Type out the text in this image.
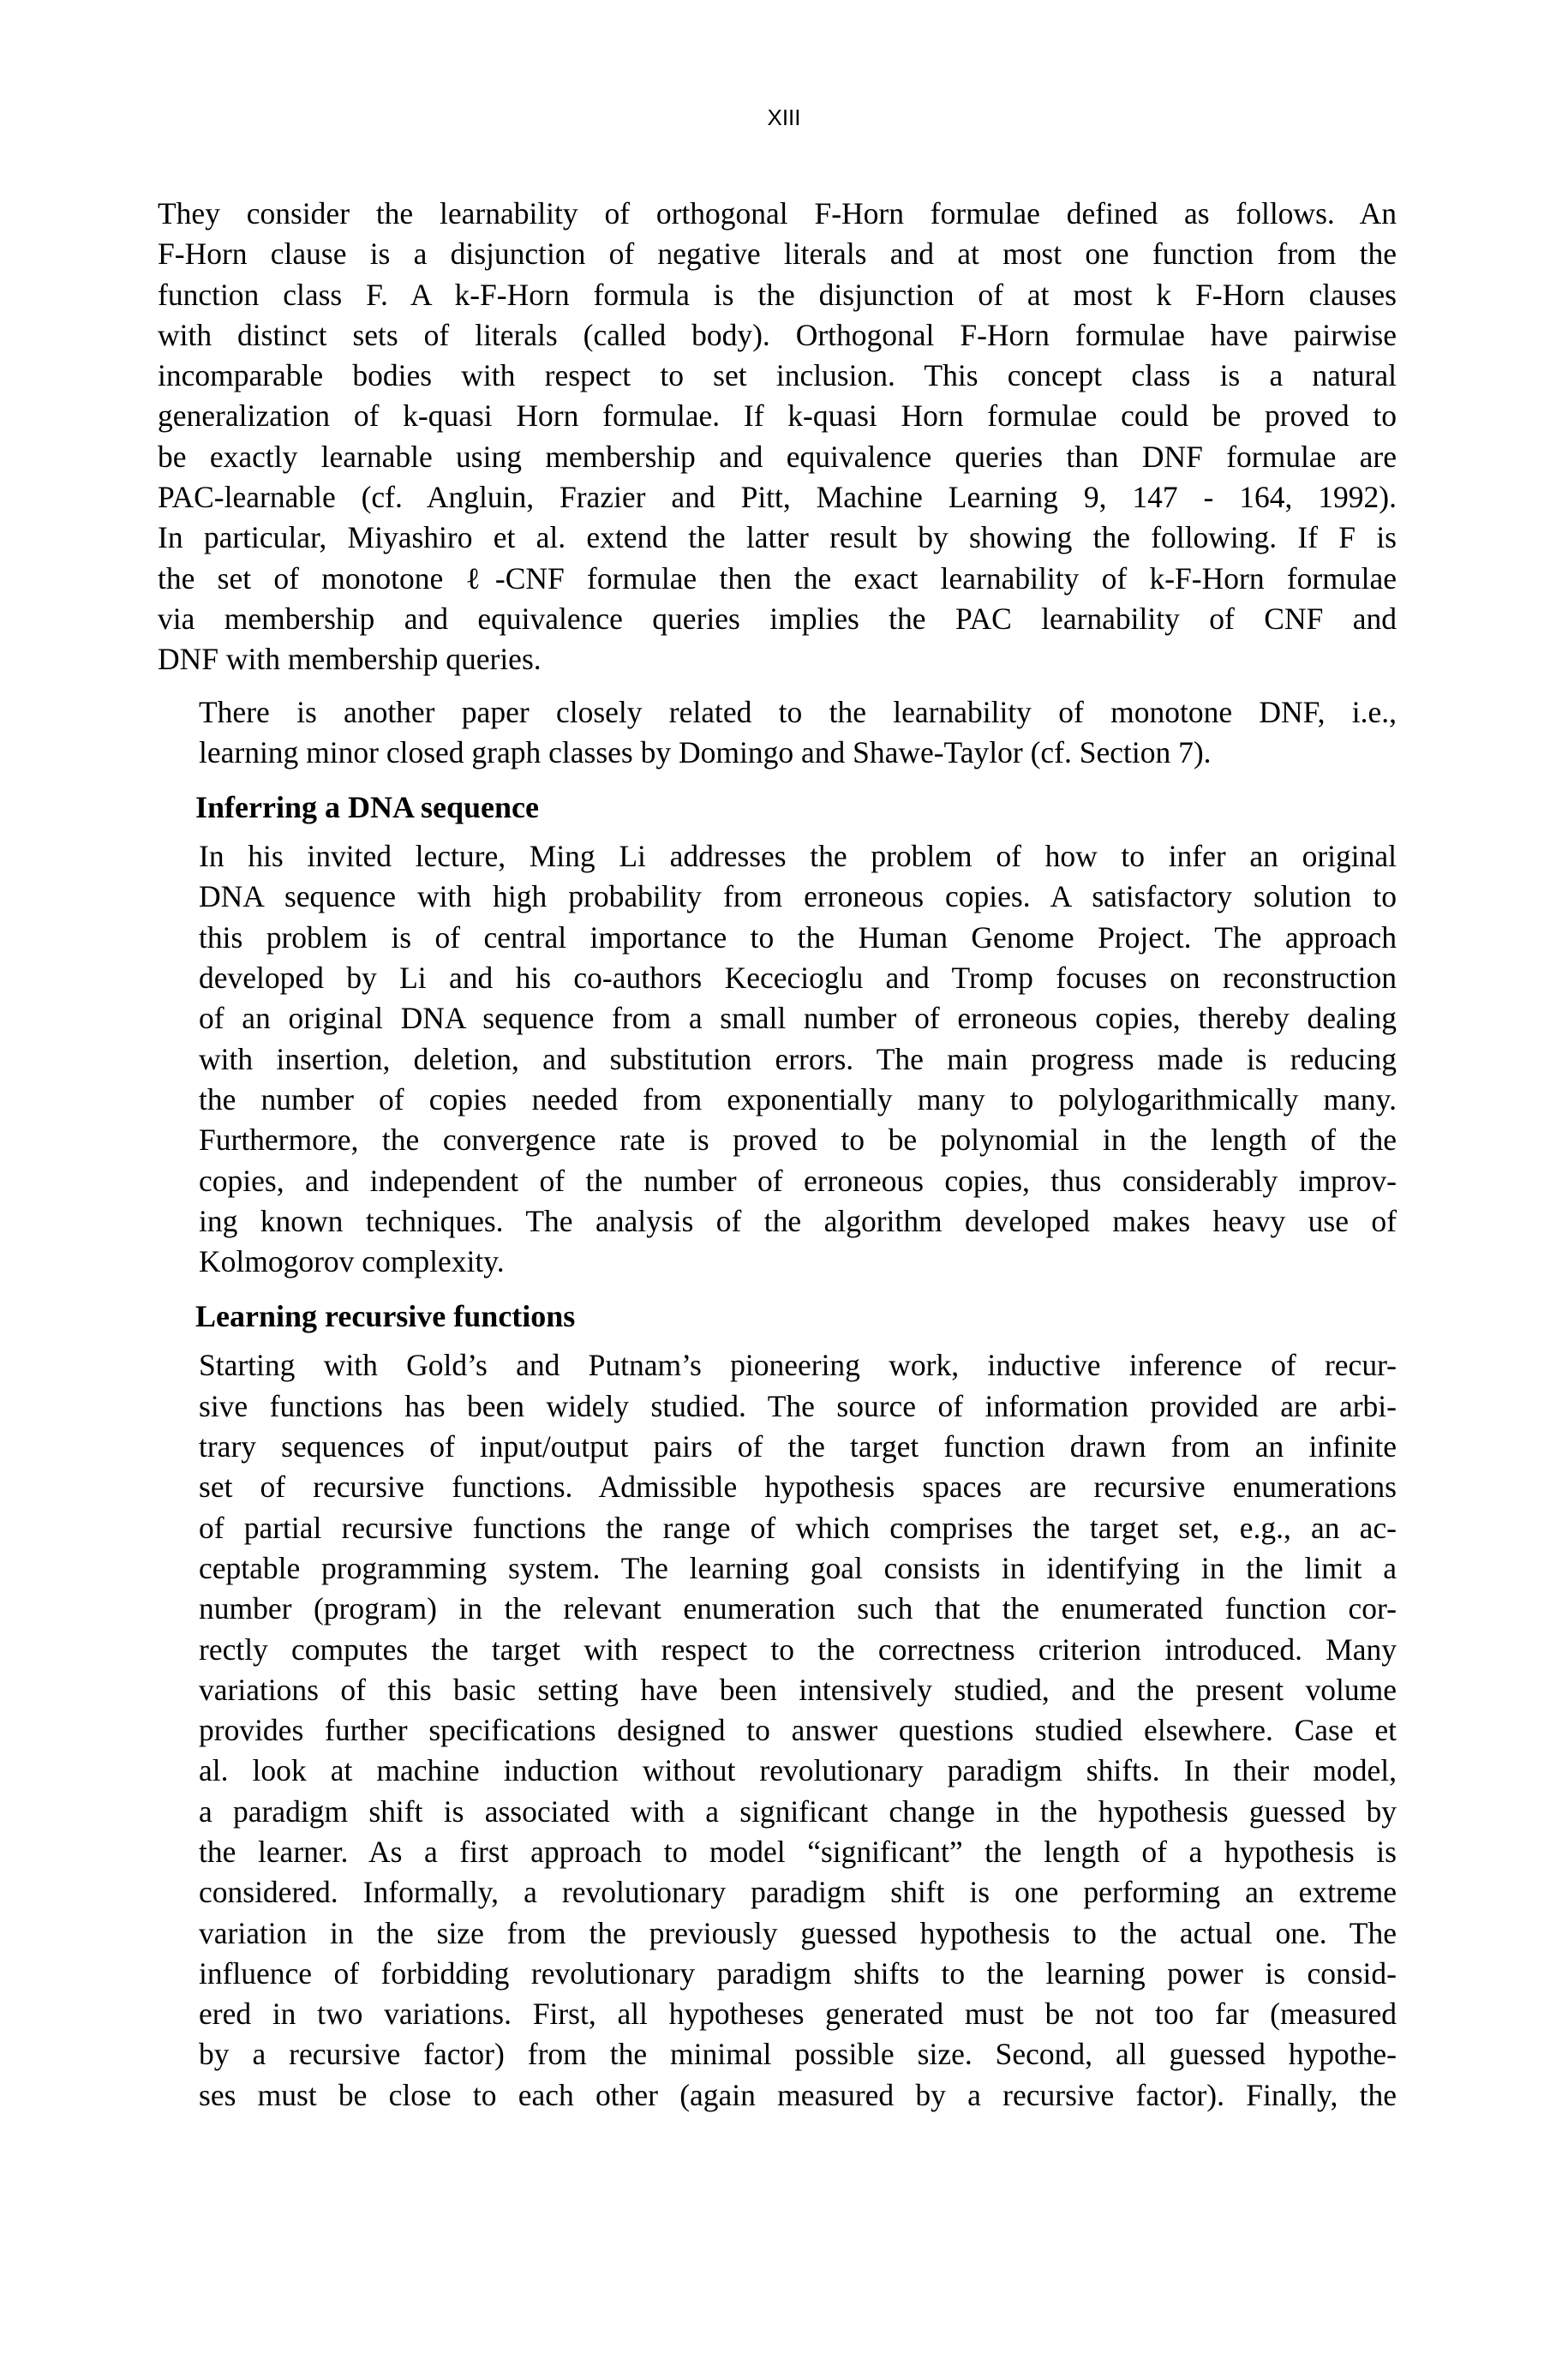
XIII

They consider the learnability of orthogonal F-Horn formulae defined as follows. An
F-Horn clause is a disjunction of negative literals and at most one function from the
function class F. A k-F-Horn formula is the disjunction of at most k F-Horn clauses
with distinct sets of literals (called body). Orthogonal F-Horn formulae have pairwise
incomparable bodies with respect to set inclusion. This concept class is a natural
generalization of k-quasi Horn formulae. If k-quasi Horn formulae could be proved to
be exactly learnable using membership and equivalence queries than DNF formulae are
PAC-learnable (cf. Angluin, Frazier and Pitt, Machine Learning 9, 147 - 164, 1992).
In particular, Miyashiro et al. extend the latter result by showing the following. If F is
the set of monotone ℓ-CNF formulae then the exact learnability of k-F-Horn formulae
via membership and equivalence queries implies the PAC learnability of CNF and
DNF with membership queries.

There is another paper closely related to the learnability of monotone DNF, i.e.,
learning minor closed graph classes by Domingo and Shawe-Taylor (cf. Section 7).

Inferring a DNA sequence

In his invited lecture, Ming Li addresses the problem of how to infer an original
DNA sequence with high probability from erroneous copies. A satisfactory solution to
this problem is of central importance to the Human Genome Project. The approach
developed by Li and his co-authors Kececioglu and Tromp focuses on reconstruction
of an original DNA sequence from a small number of erroneous copies, thereby dealing
with insertion, deletion, and substitution errors. The main progress made is reducing
the number of copies needed from exponentially many to polylogarithmically many.
Furthermore, the convergence rate is proved to be polynomial in the length of the
copies, and independent of the number of erroneous copies, thus considerably improv-
ing known techniques. The analysis of the algorithm developed makes heavy use of
Kolmogorov complexity.

Learning recursive functions

Starting with Gold’s and Putnam’s pioneering work, inductive inference of recur-
sive functions has been widely studied. The source of information provided are arbi-
trary sequences of input/output pairs of the target function drawn from an infinite
set of recursive functions. Admissible hypothesis spaces are recursive enumerations
of partial recursive functions the range of which comprises the target set, e.g., an ac-
ceptable programming system. The learning goal consists in identifying in the limit a
number (program) in the relevant enumeration such that the enumerated function cor-
rectly computes the target with respect to the correctness criterion introduced. Many
variations of this basic setting have been intensively studied, and the present volume
provides further specifications designed to answer questions studied elsewhere. Case et
al. look at machine induction without revolutionary paradigm shifts. In their model,
a paradigm shift is associated with a significant change in the hypothesis guessed by
the learner. As a first approach to model “significant” the length of a hypothesis is
considered. Informally, a revolutionary paradigm shift is one performing an extreme
variation in the size from the previously guessed hypothesis to the actual one. The
influence of forbidding revolutionary paradigm shifts to the learning power is consid-
ered in two variations. First, all hypotheses generated must be not too far (measured
by a recursive factor) from the minimal possible size. Second, all guessed hypothe-
ses must be close to each other (again measured by a recursive factor). Finally, the
